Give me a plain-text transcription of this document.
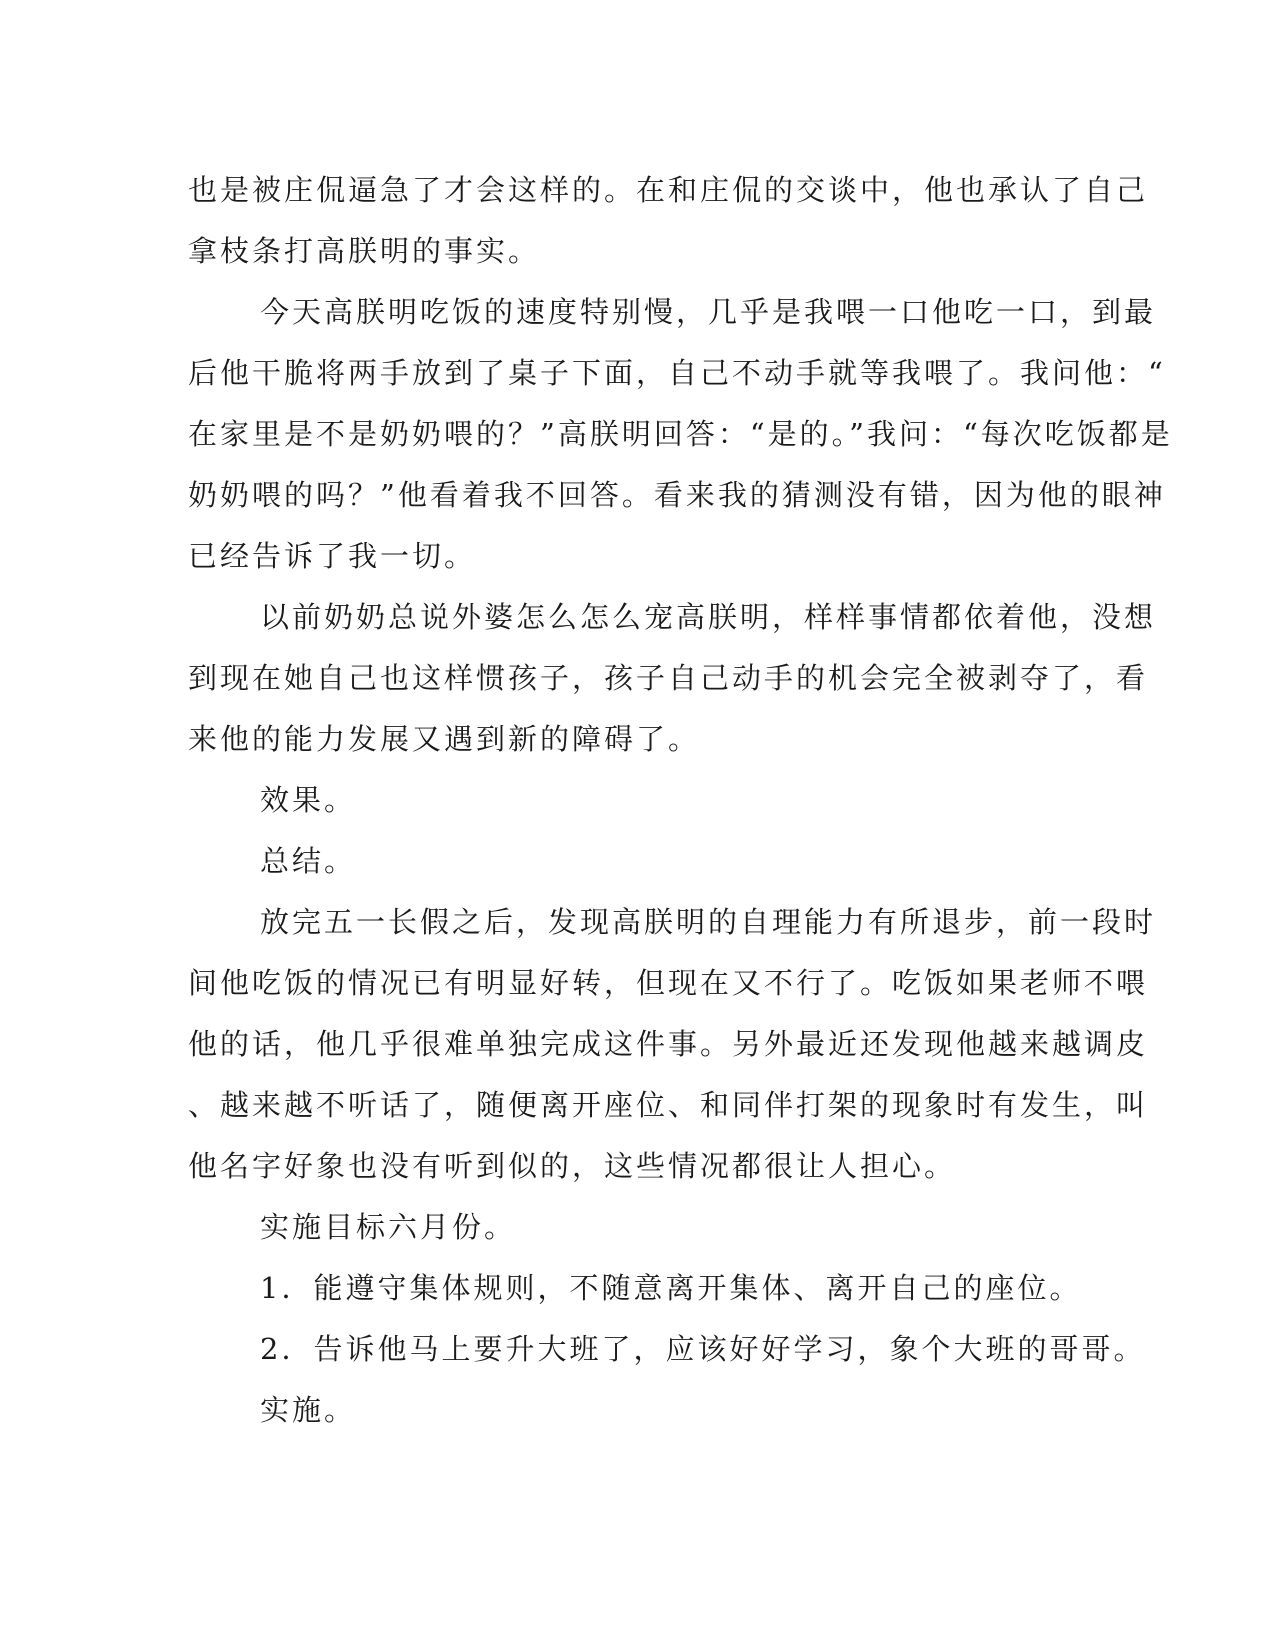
也是被庄侃逼急了才会这样的。在和庄侃的交谈中，他也承认了自己
拿枝条打高朕明的事实。

今天高朕明吃饭的速度特别慢，几乎是我喂一口他吃一口，到最
后他干脆将两手放到了桌子下面，自己不动手就等我喂了。我问他：“
在家里是不是奶奶喂的？”高朕明回答：“是的。”我问：“每次吃饭都是
奶奶喂的吗？”他看着我不回答。看来我的猜测没有错，因为他的眼神
已经告诉了我一切。

以前奶奶总说外婆怎么怎么宠高朕明，样样事情都依着他，没想
到现在她自己也这样惯孩子，孩子自己动手的机会完全被剥夺了，看
来他的能力发展又遇到新的障碍了。

效果。

总结。

放完五一长假之后，发现高朕明的自理能力有所退步，前一段时
间他吃饭的情况已有明显好转，但现在又不行了。吃饭如果老师不喂
他的话，他几乎很难单独完成这件事。另外最近还发现他越来越调皮
、越来越不听话了，随便离开座位、和同伴打架的现象时有发生，叫
他名字好象也没有听到似的，这些情况都很让人担心。

实施目标六月份。

1．能遵守集体规则，不随意离开集体、离开自己的座位。

2．告诉他马上要升大班了，应该好好学习，象个大班的哥哥。

实施。
